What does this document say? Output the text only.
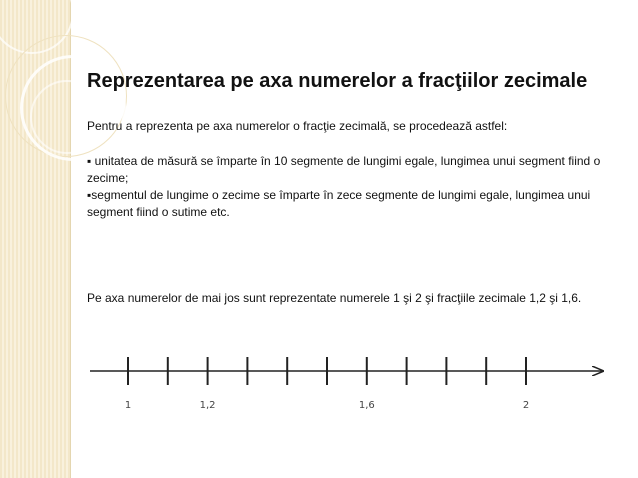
Reprezentarea pe axa numerelor a fracţiilor zecimale

Pentru a reprezenta pe axa numerelor o fracţie zecimală, se procedează astfel:

▪ unitatea de măsură se împarte în 10 segmente de lungimi egale, lungimea unui segment fiind o zecime;

▪segmentul de lungime o zecime se împarte în zece segmente de lungimi egale, lungimea unui segment fiind o sutime etc.

Pe axa numerelor de mai jos sunt reprezentate numerele 1 şi 2 şi fracţiile zecimale 1,2 şi 1,6.

1	1,2	1,6	2
